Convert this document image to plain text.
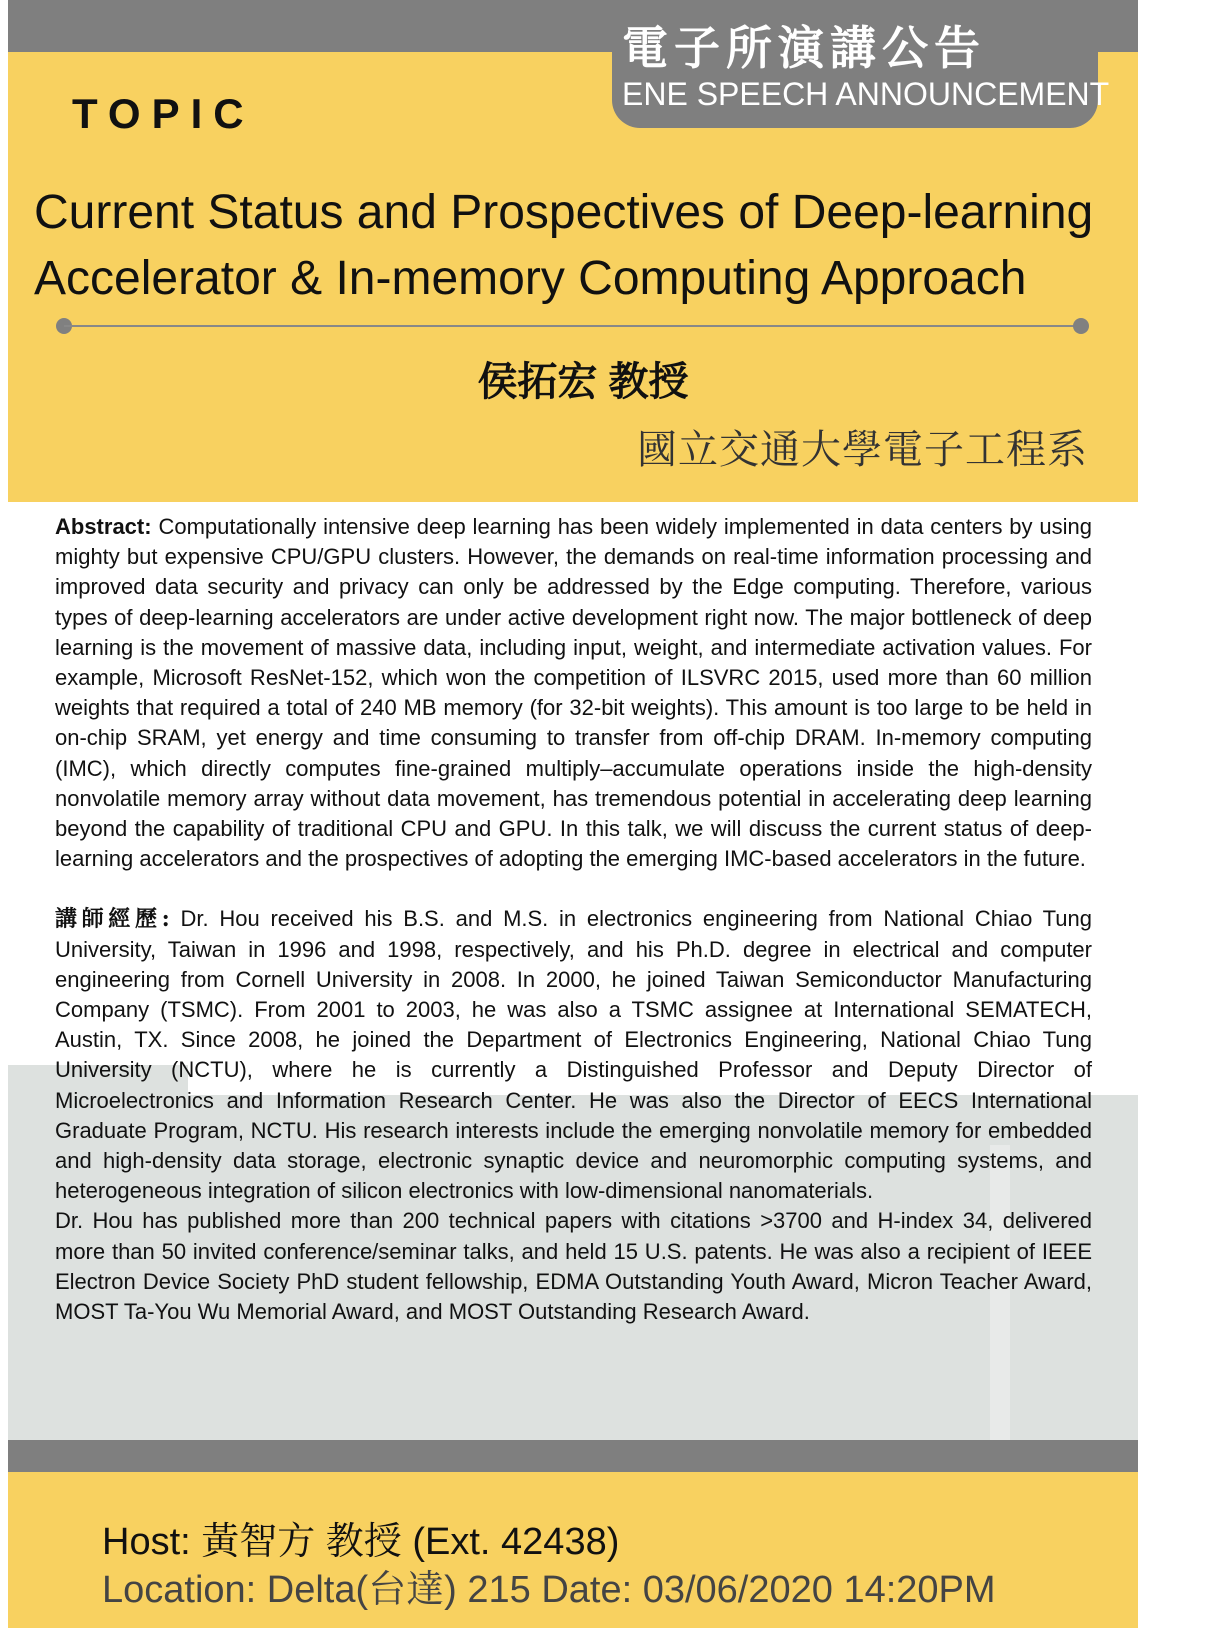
TOPIC
Current Status and Prospectives of Deep-learning
Accelerator & In-memory Computing Approach
侯拓宏 教授
國立交通大學電子工程系
電子所演講公告
ENE SPEECH ANNOUNCEMENT

Abstract: Computationally intensive deep learning has been widely implemented in data centers by using mighty but expensive CPU/GPU clusters. However, the demands on real-time information processing and improved data security and privacy can only be addressed by the Edge computing. Therefore, various types of deep-learning accelerators are under active development right now. The major bottleneck of deep learning is the movement of massive data, including input, weight, and intermediate activation values. For example, Microsoft ResNet-152, which won the competition of ILSVRC 2015, used more than 60 million weights that required a total of 240 MB memory (for 32-bit weights). This amount is too large to be held in on-chip SRAM, yet energy and time consuming to transfer from off-chip DRAM. In-memory computing (IMC), which directly computes fine-grained multiply–accumulate operations inside the high-density nonvolatile memory array without data movement, has tremendous potential in accelerating deep learning beyond the capability of traditional CPU and GPU. In this talk, we will discuss the current status of deep-learning accelerators and the prospectives of adopting the emerging IMC-based accelerators in the future.

講師經歷: Dr. Hou received his B.S. and M.S. in electronics engineering from National Chiao Tung University, Taiwan in 1996 and 1998, respectively, and his Ph.D. degree in electrical and computer engineering from Cornell University in 2008. In 2000, he joined Taiwan Semiconductor Manufacturing Company (TSMC). From 2001 to 2003, he was also a TSMC assignee at International SEMATECH, Austin, TX. Since 2008, he joined the Department of Electronics Engineering, National Chiao Tung University (NCTU), where he is currently a Distinguished Professor and Deputy Director of Microelectronics and Information Research Center. He was also the Director of EECS International Graduate Program, NCTU. His research interests include the emerging nonvolatile memory for embedded and high-density data storage, electronic synaptic device and neuromorphic computing systems, and heterogeneous integration of silicon electronics with low-dimensional nanomaterials.

Dr. Hou has published more than 200 technical papers with citations >3700 and H-index 34, delivered more than 50 invited conference/seminar talks, and held 15 U.S. patents. He was also a recipient of IEEE Electron Device Society PhD student fellowship, EDMA Outstanding Youth Award, Micron Teacher Award, MOST Ta-You Wu Memorial Award, and MOST Outstanding Research Award.

Host: 黃智方 教授 (Ext. 42438)
Location: Delta(台達) 215 Date: 03/06/2020 14:20PM
